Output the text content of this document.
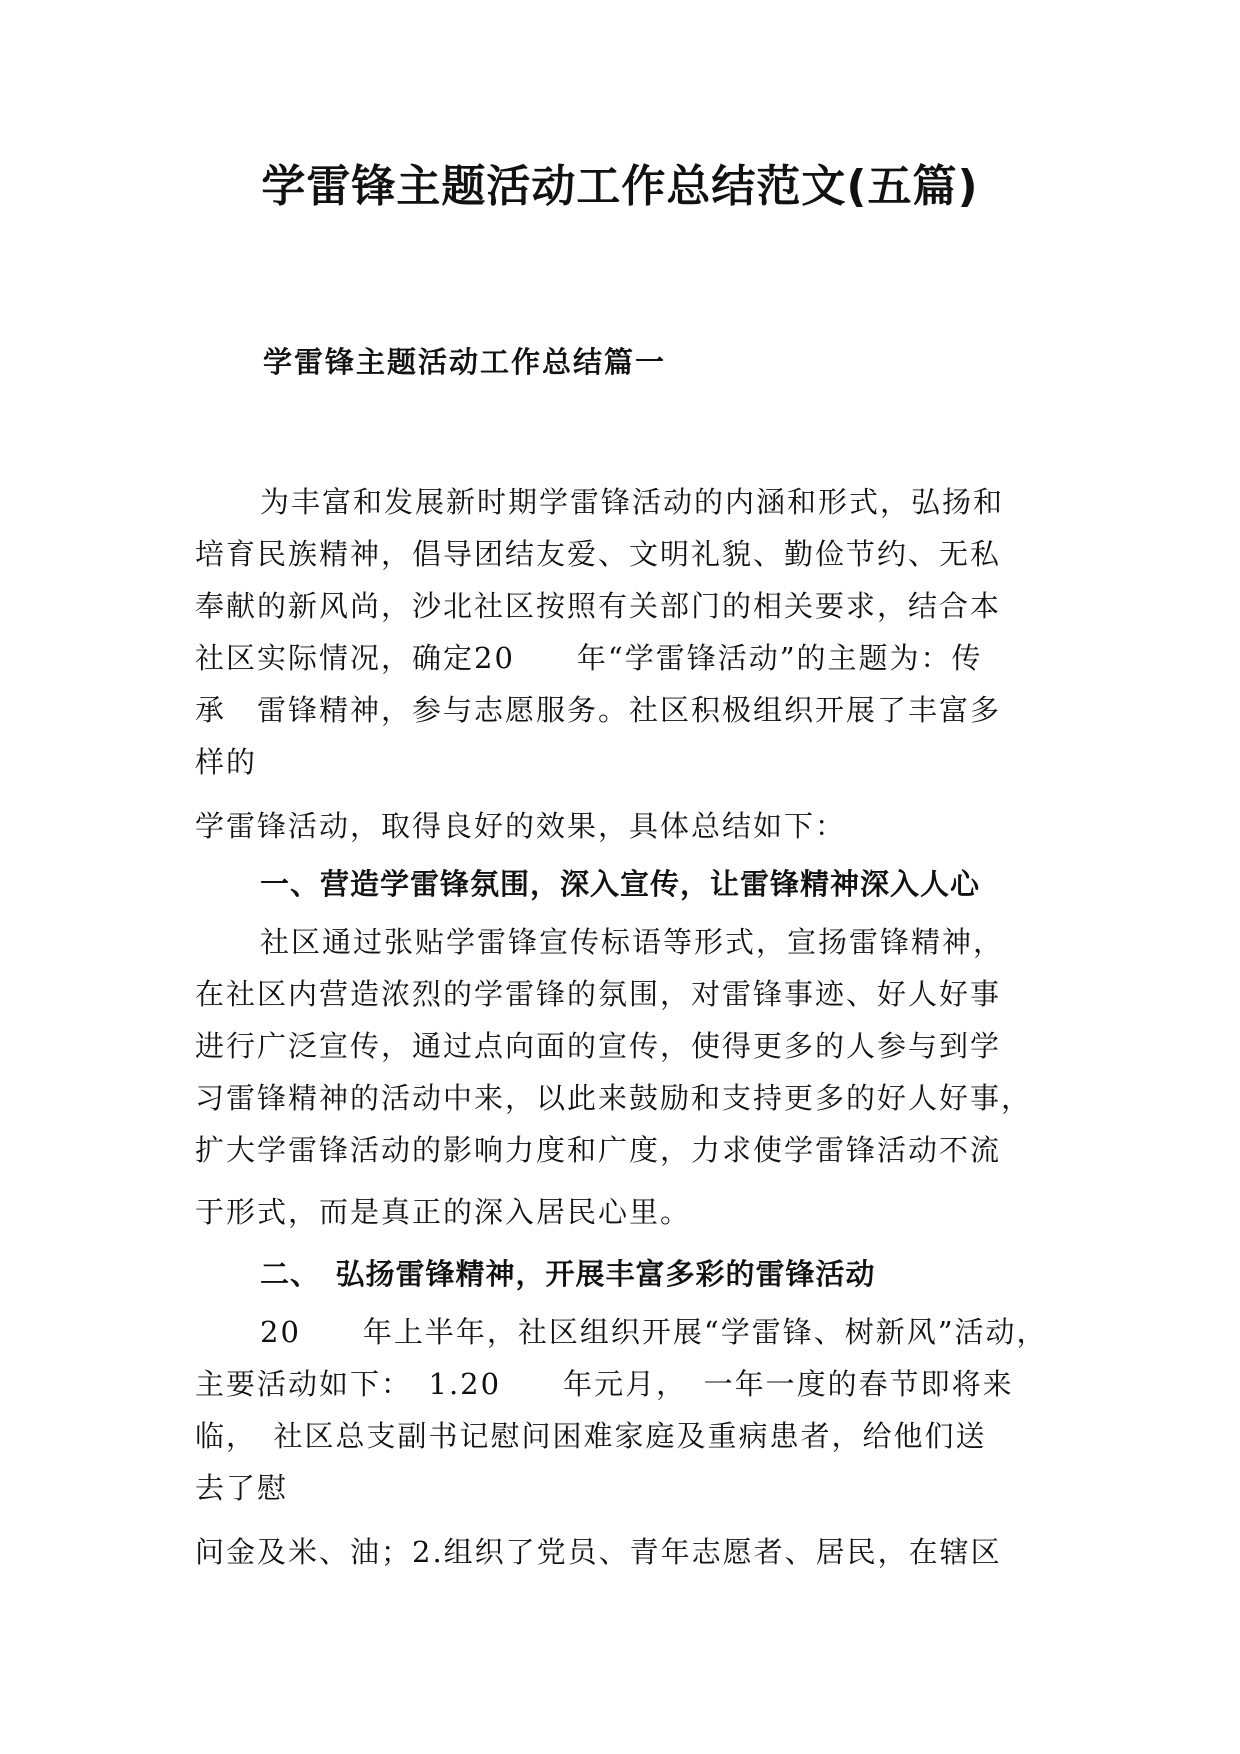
学雷锋主题活动工作总结范文(五篇)
学雷锋主题活动工作总结篇一

为丰富和发展新时期学雷锋活动的内涵和形式，弘扬和

培育民族精神，倡导团结友爱、文明礼貌、勤俭节约、无私

奉献的新风尚，沙北社区按照有关部门的相关要求，结合本

社区实际情况，确定20　　年“学雷锋活动”的主题为：传

承　雷锋精神，参与志愿服务。社区积极组织开展了丰富多

样的

学雷锋活动，取得良好的效果，具体总结如下：

一、营造学雷锋氛围，深入宣传，让雷锋精神深入人心

社区通过张贴学雷锋宣传标语等形式，宣扬雷锋精神，

在社区内营造浓烈的学雷锋的氛围，对雷锋事迹、好人好事

进行广泛宣传，通过点向面的宣传，使得更多的人参与到学

习雷锋精神的活动中来，以此来鼓励和支持更多的好人好事，

扩大学雷锋活动的影响力度和广度，力求使学雷锋活动不流

于形式，而是真正的深入居民心里。

二、　弘扬雷锋精神，开展丰富多彩的雷锋活动

20　　年上半年，社区组织开展“学雷锋、树新风”活动，

主要活动如下：　1.20　　年元月，　一年一度的春节即将来

临，　社区总支副书记慰问困难家庭及重病患者，给他们送

去了慰

问金及米、油；2.组织了党员、青年志愿者、居民，在辖区
